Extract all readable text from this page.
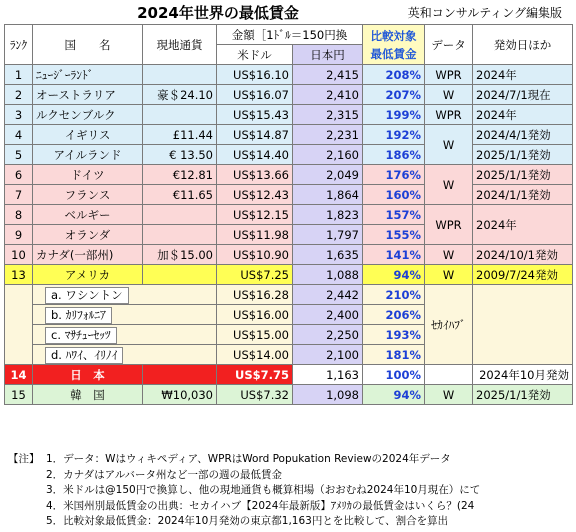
2024年世界の最低賃金	英和コンサルティング編集版
ﾗﾝｸ	国　　名	現地通貨	金額［1ﾄﾞﾙ＝150円換		比較対象
最低賃金	データ	発効日ほか
			米ドル	日本円			
1	ﾆｭｰｼﾞｰﾗﾝﾄﾞ		US$16.10	2,415	208%	WPR	2024年
2	オーストラリア	豪＄24.10	US$16.07	2,410	207%	W	2024/7/1現在
3	ルクセンブルク		US$15.43	2,315	199%	WPR	2024年
4	イギリス	£11.44	US$14.87	2,231	192%	W	2024/4/1発効
5	アイルランド	€ 13.50	US$14.40	2,160	186%		2025/1/1発効
6	ドイツ	€12.81	US$13.66	2,049	176%	W	2025/1/1発効
7	フランス	€11.65	US$12.43	1,864	160%		2024/1/1発効
8	ベルギー		US$12.15	1,823	157%	WPR	2024年
9	オランダ		US$11.98	1,797	155%		
10	カナダ(一部州)	加＄15.00	US$10.90	1,635	141%	W	2024/10/1発効
13	アメリカ		US$7.25	1,088	94%	W	2009/7/24発効
	a. ワシントン		US$16.28	2,442	210%	ｾｶｲﾊﾌﾞ	
	b. ｶﾘﾌｫﾙﾆｱ		US$16.00	2,400	206%		
	c. ﾏｻﾁｭｰｾｯﾂ		US$15.00	2,250	193%		
	d. ﾊﾜｲ、ｲﾘﾉｲ		US$14.00	2,100	181%		
14	日　本		US$7.75	1,163	100%		2024年10月発効
15	韓　国	₩10,030	US$7.32	1,098	94%	W	2025/1/1発効
【注】 1．データ：Wはウィキペディア、WPRはWord Popukation Reviewの2024年データ
2．カナダはアルバータ州など一部の週の最低賃金
3．米ドルは@150円で換算し、他の現地通貨も概算相場（おおむね2024年10月現在）にて
4．米国州別最低賃金の出典：セカイハブ【2024年最新版】ｱﾒﾘｶの最低賃金はいくら？(24
5．比較対象最低賃金：2024年10月発効の東京都1,163円とを比較して、割合を算出
